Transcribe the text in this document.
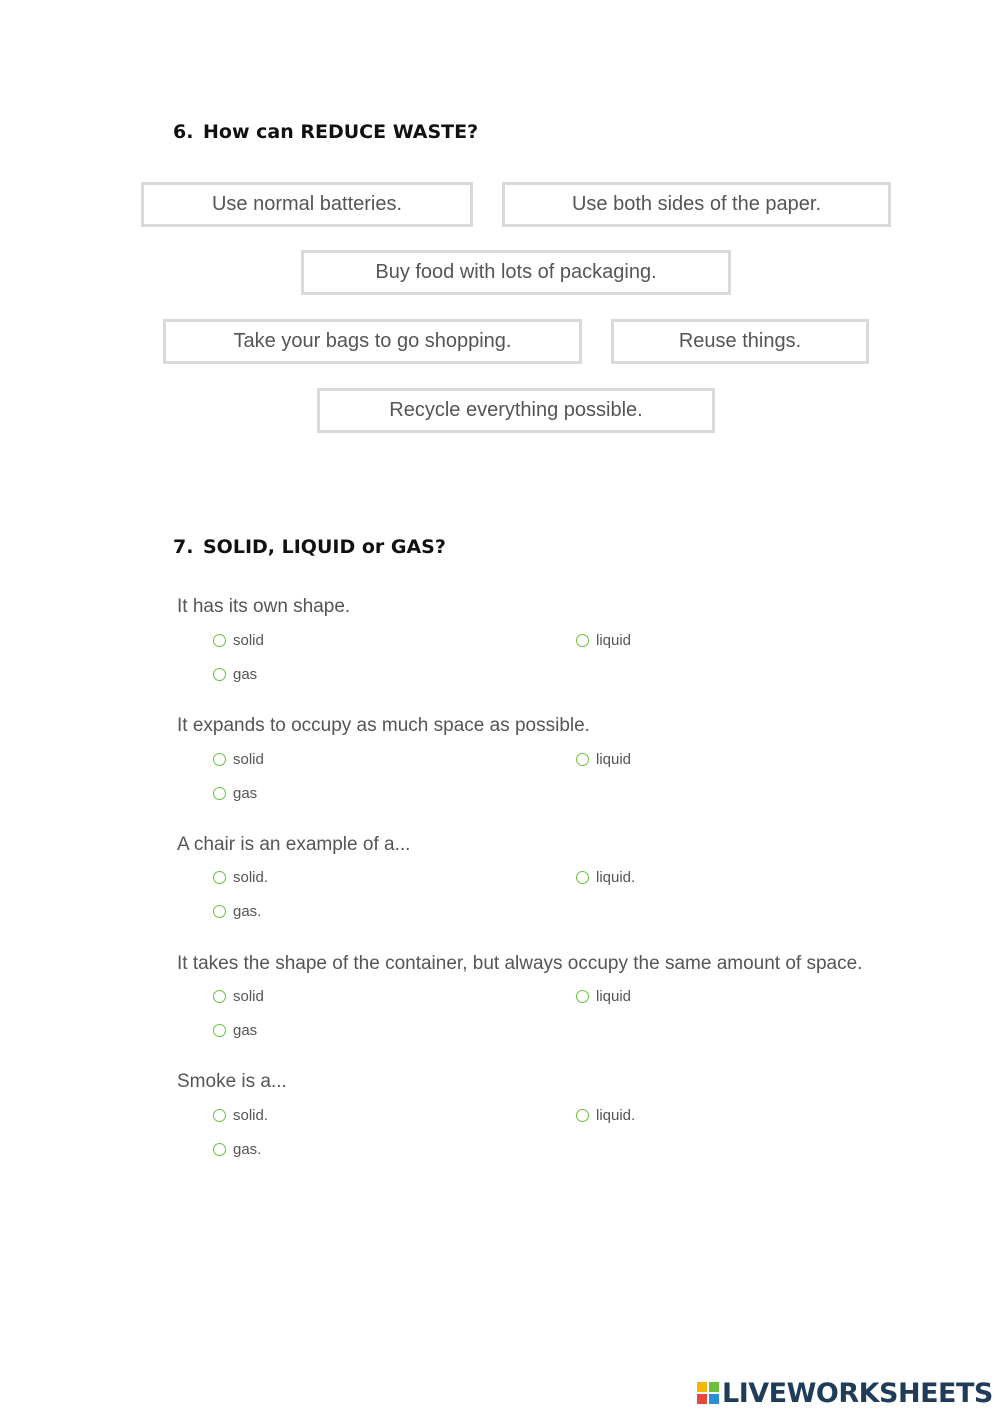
6. How can REDUCE WASTE?
Use normal batteries.	Use both sides of the paper.
Buy food with lots of packaging.
Take your bags to go shopping.	Reuse things.
Recycle everything possible.
7. SOLID, LIQUID or GAS?
It has its own shape.
solid	liquid
gas
It expands to occupy as much space as possible.
solid	liquid
gas
A chair is an example of a...
solid.	liquid.
gas.
It takes the shape of the container, but always occupy the same amount of space.
solid	liquid
gas
Smoke is a...
solid.	liquid.
gas.
LIVEWORKSHEETS
